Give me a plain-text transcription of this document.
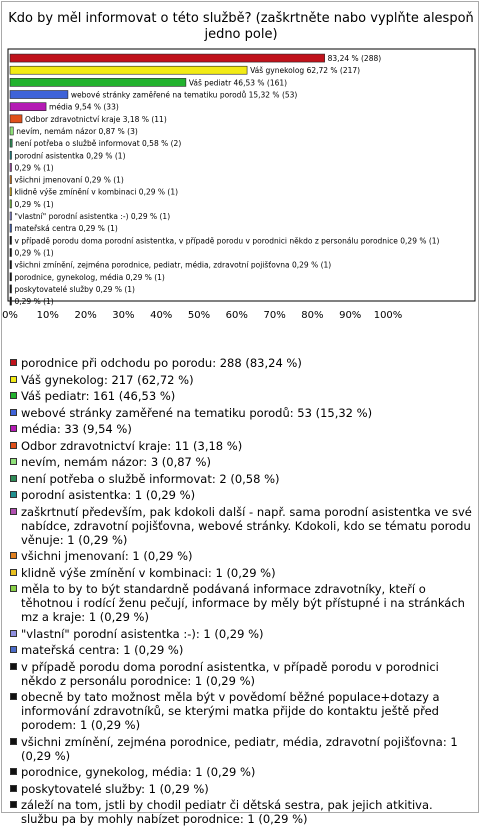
Kdo by měl informovat o této službě? (zaškrtněte nabo vyplňte alespoň jedno pole)
83,24 % (288)
Váš gynekolog 62,72 % (217)
Váš pediatr 46,53 % (161)
webové stránky zaměřené na tematiku porodů 15,32 % (53)
média 9,54 % (33)
Odbor zdravotnictví kraje 3,18 % (11)
nevím, nemám názor 0,87 % (3)
není potřeba o službě informovat 0,58 % (2)
porodní asistentka 0,29 % (1)
0,29 % (1)
všichni jmenovaní 0,29 % (1)
klidně výše zmínění v kombinaci 0,29 % (1)
0,29 % (1)
"vlastní" porodní asistentka :-) 0,29 % (1)
mateřská centra 0,29 % (1)
v případě porodu doma porodní asistentka, v případě porodu v porodnici někdo z personálu porodnice 0,29 % (1)
0,29 % (1)
všichni zmínění, zejména porodnice, pediatr, média, zdravotní pojišťovna 0,29 % (1)
porodnice, gynekolog, média 0,29 % (1)
poskytovatelé služby 0,29 % (1)
0,29 % (1)
0% 10% 20% 30% 40% 50% 60% 70% 80% 90% 100%
porodnice při odchodu po porodu: 288 (83,24 %)
Váš gynekolog: 217 (62,72 %)
Váš pediatr: 161 (46,53 %)
webové stránky zaměřené na tematiku porodů: 53 (15,32 %)
média: 33 (9,54 %)
Odbor zdravotnictví kraje: 11 (3,18 %)
nevím, nemám názor: 3 (0,87 %)
není potřeba o službě informovat: 2 (0,58 %)
porodní asistentka: 1 (0,29 %)
zaškrtnutí především, pak kdokoli další - např. sama porodní asistentka ve své nabídce, zdravotní pojišťovna, webové stránky. Kdokoli, kdo se tématu porodu věnuje: 1 (0,29 %)
všichni jmenovaní: 1 (0,29 %)
klidně výše zmínění v kombinaci: 1 (0,29 %)
měla to by to být standardně podávaná informace zdravotníky, kteří o těhotnou i rodící ženu pečují, informace by měly být přístupné i na stránkách mz a kraje: 1 (0,29 %)
"vlastní" porodní asistentka :-): 1 (0,29 %)
mateřská centra: 1 (0,29 %)
v případě porodu doma porodní asistentka, v případě porodu v porodnici někdo z personálu porodnice: 1 (0,29 %)
obecně by tato možnost měla být v povědomí běžné populace+dotazy a informování zdravotníků, se kterými matka přijde do kontaktu ještě před porodem: 1 (0,29 %)
všichni zmínění, zejména porodnice, pediatr, média, zdravotní pojišťovna: 1 (0,29 %)
porodnice, gynekolog, média: 1 (0,29 %)
poskytovatelé služby: 1 (0,29 %)
záleží na tom, jstli by chodil pediatr či dětská sestra, pak jejich atkitiva. službu pa by mohly nabízet porodnice: 1 (0,29 %)
